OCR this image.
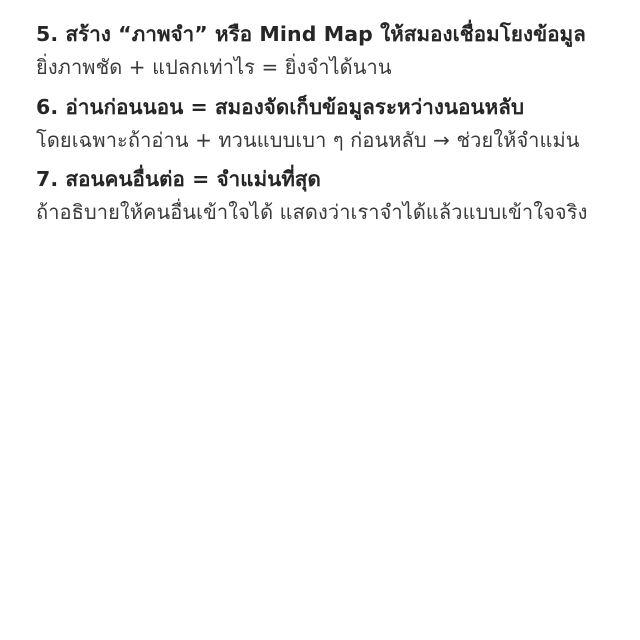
5. สร้าง “ภาพจำ” หรือ Mind Map ให้สมองเชื่อมโยงข้อมูล

ยิ่งภาพชัด + แปลกเท่าไร = ยิ่งจำได้นาน

6. อ่านก่อนนอน = สมองจัดเก็บข้อมูลระหว่างนอนหลับ

โดยเฉพาะถ้าอ่าน + ทวนแบบเบา ๆ ก่อนหลับ → ช่วยให้จำแม่น

7. สอนคนอื่นต่อ = จำแม่นที่สุด

ถ้าอธิบายให้คนอื่นเข้าใจได้ แสดงว่าเราจำได้แล้วแบบเข้าใจจริง
